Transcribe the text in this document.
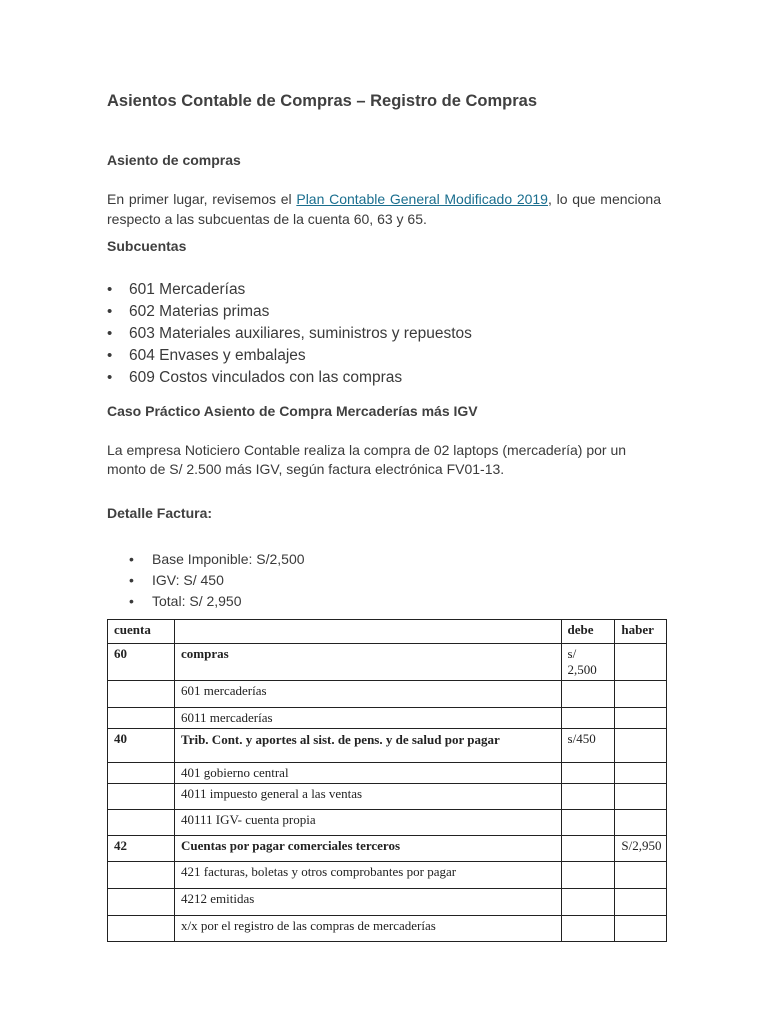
Asientos Contable de Compras – Registro de Compras
Asiento de compras

En primer lugar, revisemos el Plan Contable General Modificado 2019, lo que menciona respecto a las subcuentas de la cuenta 60, 63 y 65.

Subcuentas
• 601 Mercaderías
• 602 Materias primas
• 603 Materiales auxiliares, suministros y repuestos
• 604 Envases y embalajes
• 609 Costos vinculados con las compras
Caso Práctico Asiento de Compra Mercaderías más IGV

La empresa Noticiero Contable realiza la compra de 02 laptops (mercadería) por un monto de S/ 2.500 más IGV, según factura electrónica FV01-13.

Detalle Factura:
• Base Imponible: S/2,500
• IGV: S/ 450
• Total: S/ 2,950
cuenta		debe	haber
60	compras	s/ 2,500	
	601 mercaderías		
	6011 mercaderías		
40	Trib. Cont. y aportes al sist. de pens. y de salud por pagar	s/450	
	401 gobierno central		
	4011 impuesto general a las ventas		
	40111 IGV- cuenta propia		
42	Cuentas por pagar comerciales terceros		S/2,950
	421 facturas, boletas y otros comprobantes por pagar		
	4212 emitidas		
	x/x por el registro de las compras de mercaderías		
